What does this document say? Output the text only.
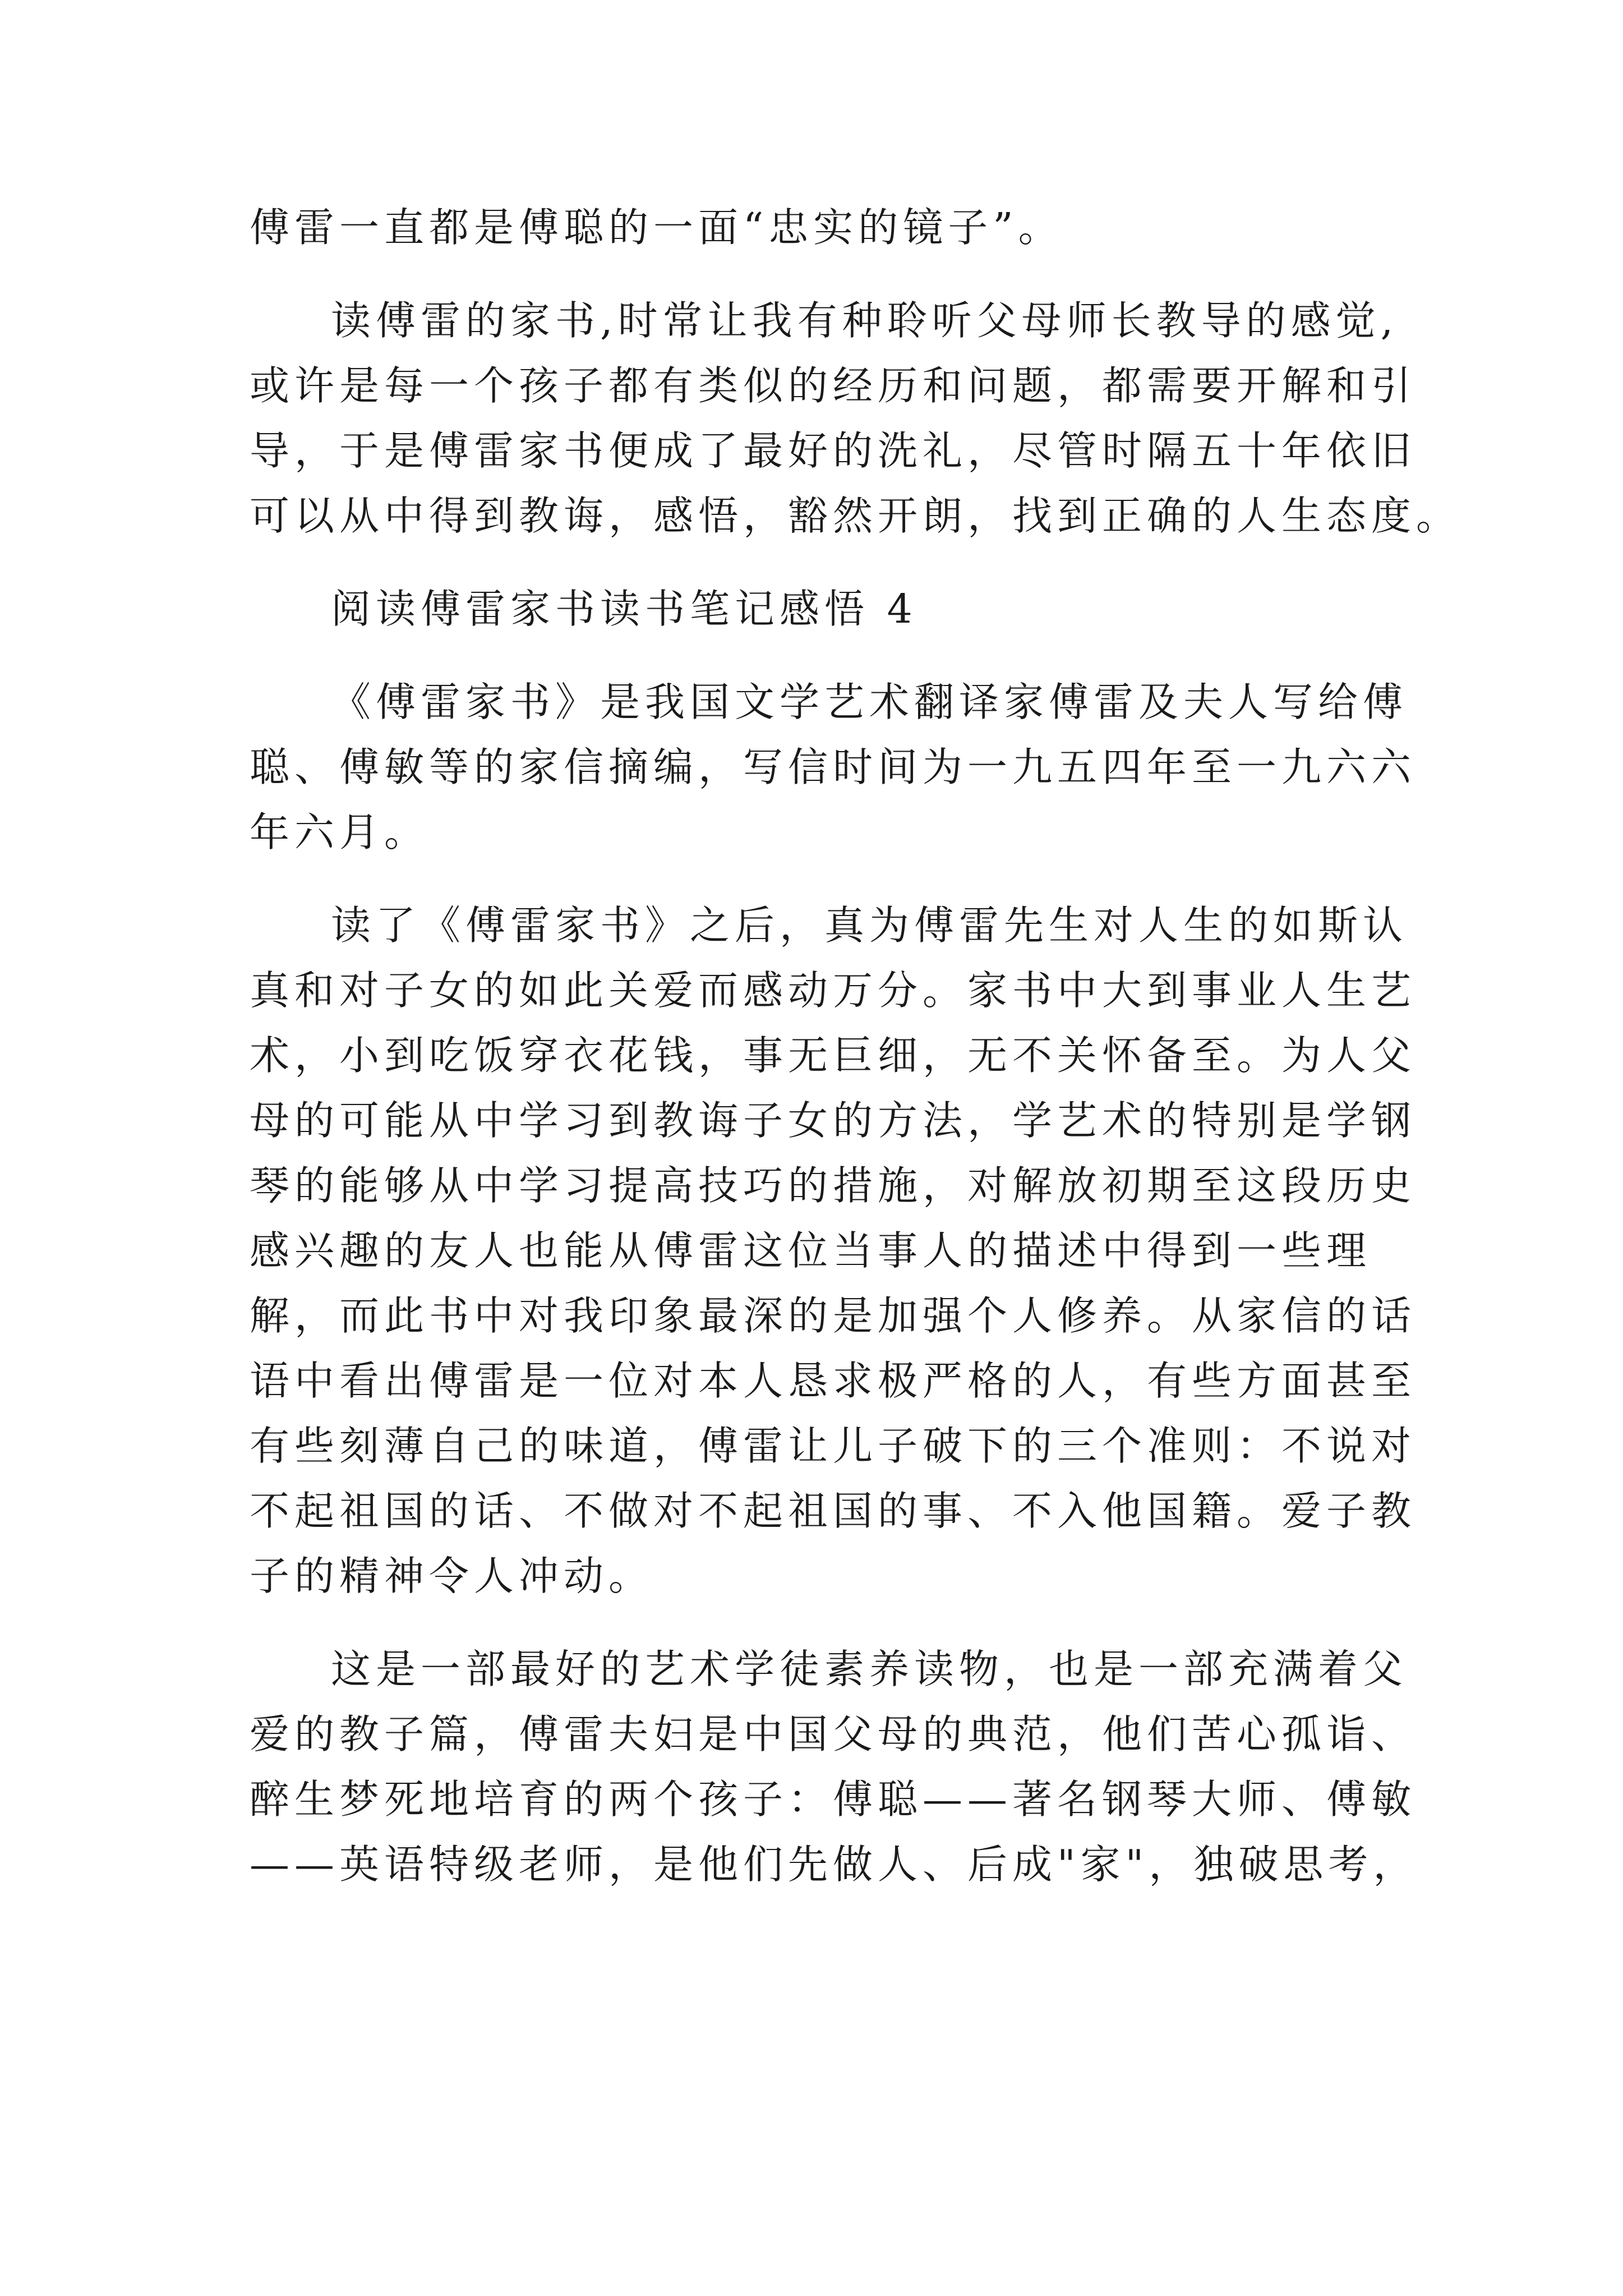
傅雷一直都是傅聪的一面“忠实的镜子”。
读傅雷的家书,时常让我有种聆听父母师长教导的感觉,
或许是每一个孩子都有类似的经历和问题，都需要开解和引
导，于是傅雷家书便成了最好的洗礼，尽管时隔五十年依旧
可以从中得到教诲，感悟，豁然开朗，找到正确的人生态度。
阅读傅雷家书读书笔记感悟 4
《傅雷家书》是我国文学艺术翻译家傅雷及夫人写给傅
聪、傅敏等的家信摘编，写信时间为一九五四年至一九六六
年六月。
读了《傅雷家书》之后，真为傅雷先生对人生的如斯认
真和对子女的如此关爱而感动万分。家书中大到事业人生艺
术，小到吃饭穿衣花钱，事无巨细，无不关怀备至。为人父
母的可能从中学习到教诲子女的方法，学艺术的特别是学钢
琴的能够从中学习提高技巧的措施，对解放初期至这段历史
感兴趣的友人也能从傅雷这位当事人的描述中得到一些理
解，而此书中对我印象最深的是加强个人修养。从家信的话
语中看出傅雷是一位对本人恳求极严格的人，有些方面甚至
有些刻薄自己的味道，傅雷让儿子破下的三个准则：不说对
不起祖国的话、不做对不起祖国的事、不入他国籍。爱子教
子的精神令人冲动。
这是一部最好的艺术学徒素养读物，也是一部充满着父
爱的教子篇，傅雷夫妇是中国父母的典范，他们苦心孤诣、
醉生梦死地培育的两个孩子：傅聪——著名钢琴大师、傅敏
——英语特级老师，是他们先做人、后成"家"，独破思考，
